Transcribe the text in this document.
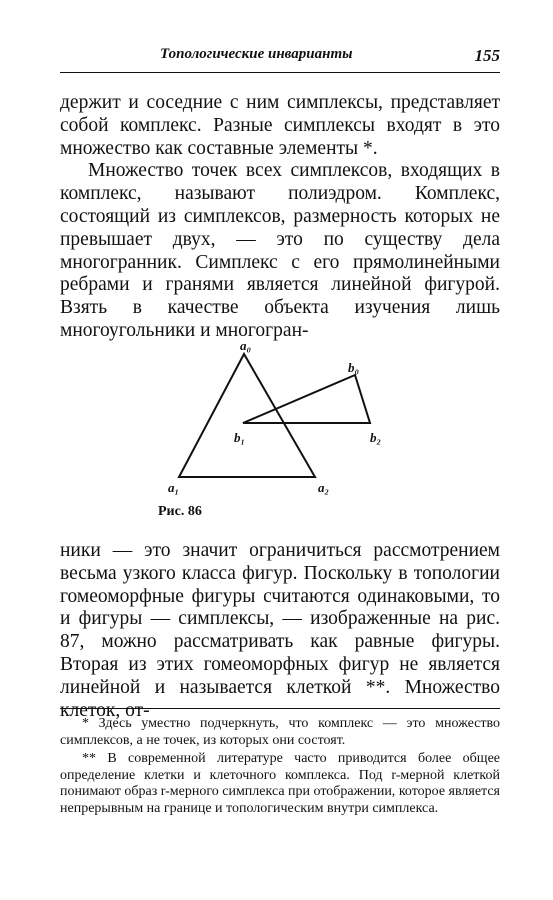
Топологические инварианты	155

держит и соседние с ним симплексы, представляет собой комплекс. Разные симплексы входят в это множество как составные элементы *.

Множество точек всех симплексов, входящих в комплекс, называют полиэдром. Комплекс, состоящий из симплексов, размерность которых не превышает двух, — это по существу дела многогранник. Симплекс с его прямолинейными ребрами и гранями является линейной фигурой. Взять в качестве объекта изучения лишь многоугольники и многогран-

a₀
a₁	a₂
b₀
b₁	b₂
Рис. 86

ники — это значит ограничиться рассмотрением весьма узкого класса фигур. Поскольку в топологии гомеоморфные фигуры считаются одинаковыми, то и фигуры — симплексы, — изображенные на рис. 87, можно рассматривать как равные фигуры. Вторая из этих гомеоморфных фигур не является линейной и называется клеткой **. Множество клеток, от-

* Здесь уместно подчеркнуть, что комплекс — это множество симплексов, а не точек, из которых они состоят.

** В современной литературе часто приводится более общее определение клетки и клеточного комплекса. Под r-мерной клеткой понимают образ r-мерного симплекса при отображении, которое является непрерывным на границе и топологическим внутри симплекса.
